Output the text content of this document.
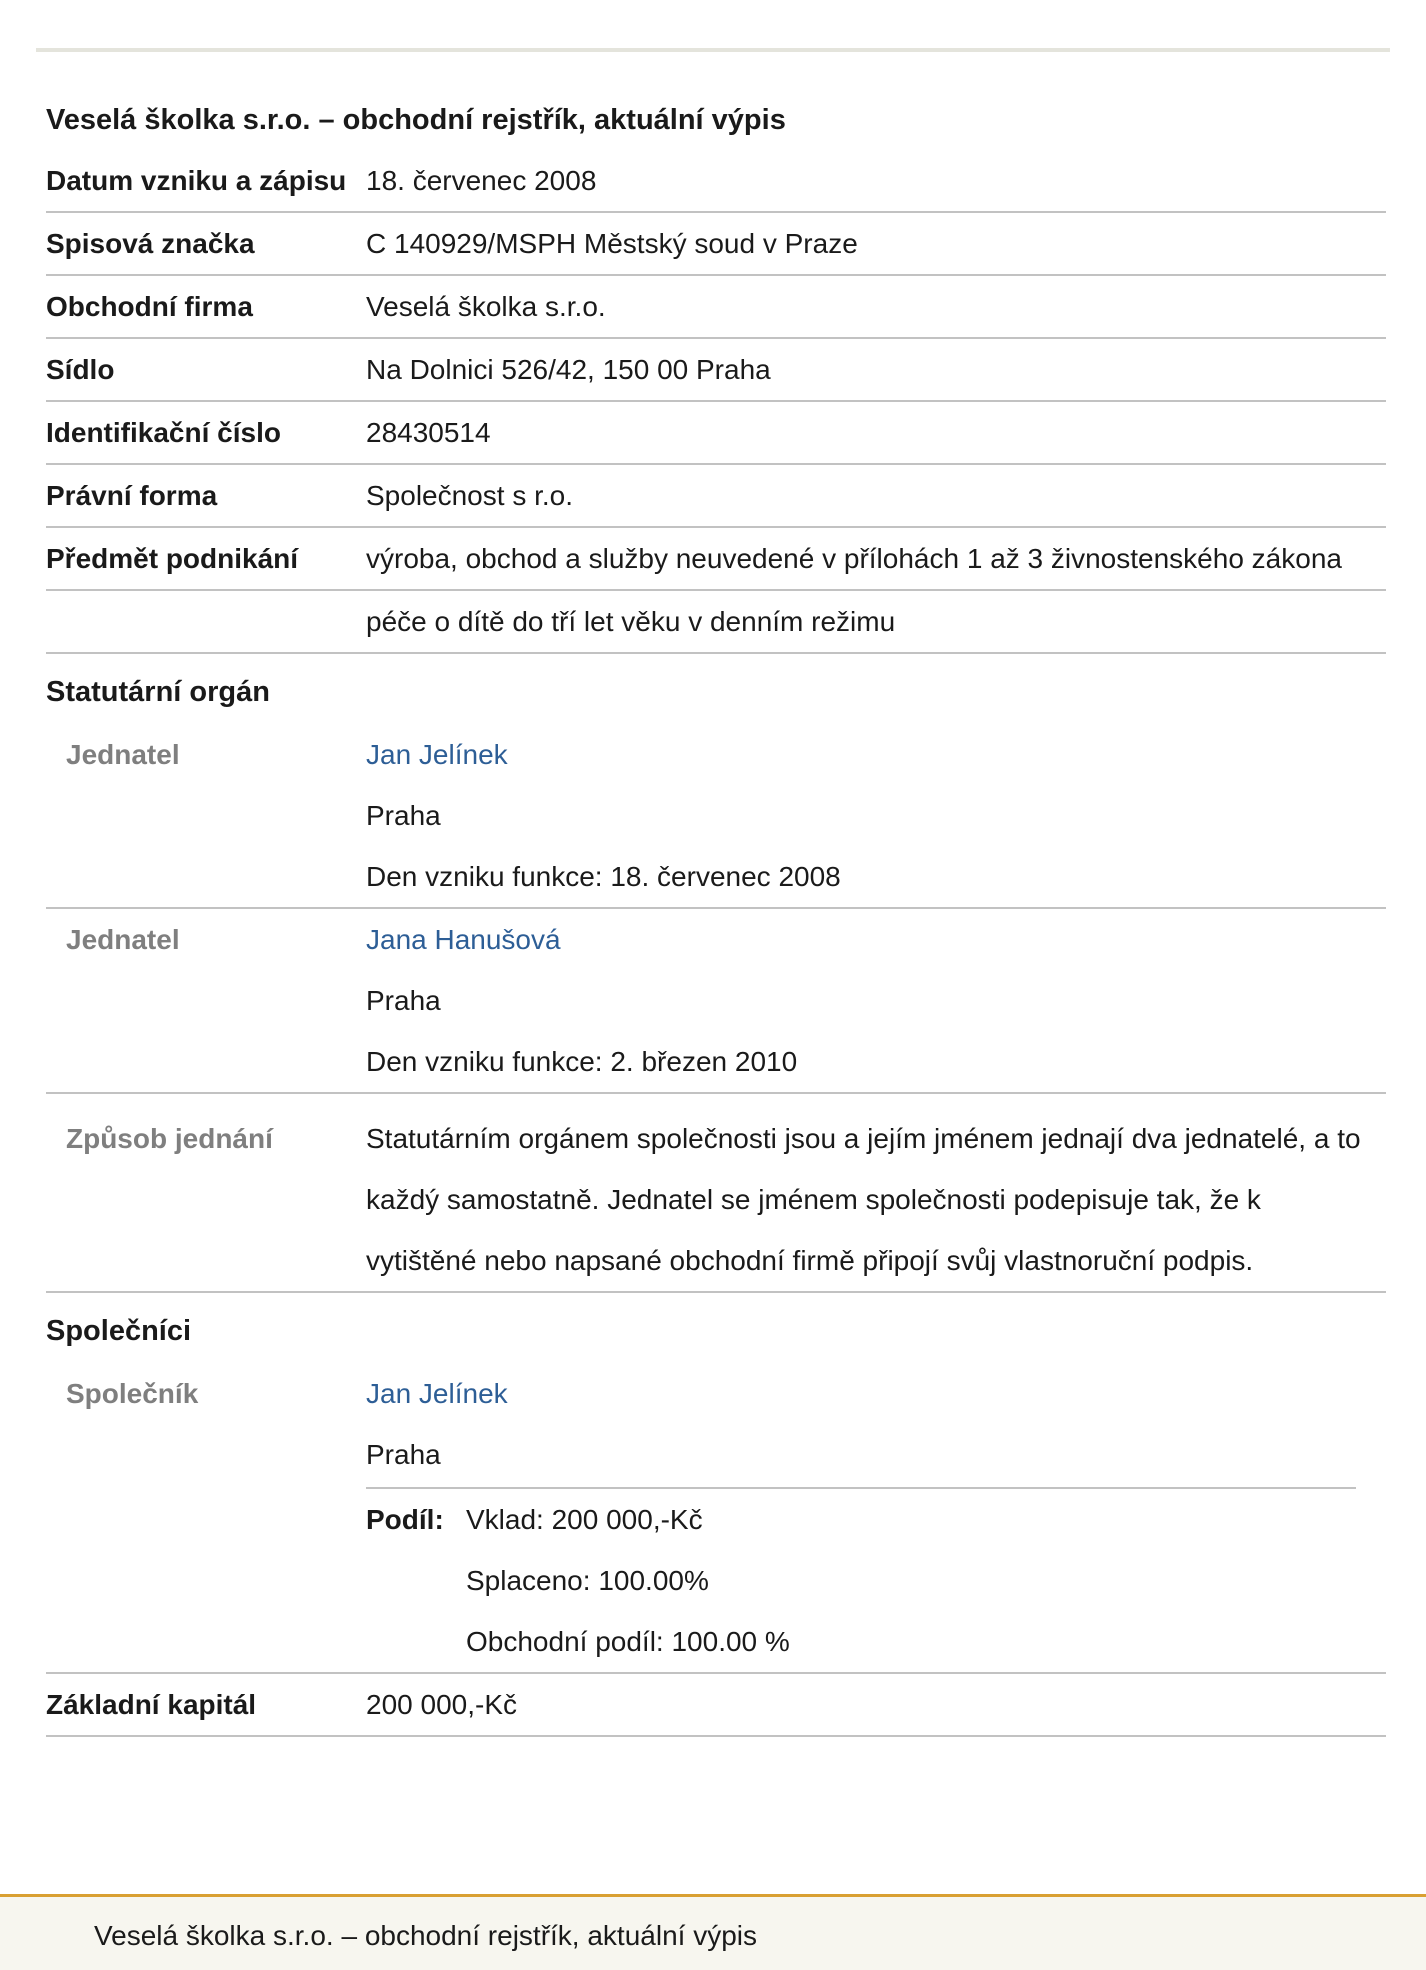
Veselá školka s.r.o. – obchodní rejstřík, aktuální výpis
Datum vzniku a zápisu 18. červenec 2008
Spisová značka	C 140929/MSPH Městský soud v Praze
Obchodní firma	Veselá školka s.r.o.
Sídlo	Na Dolnici 526/42, 150 00 Praha
Identifikační číslo	28430514
Právní forma	Společnost s r.o.
Předmět podnikání	výroba, obchod a služby neuvedené v přílohách 1 až 3 živnostenského zákona
péče o dítě do tří let věku v denním režimu
Statutární orgán
Jednatel	Jan Jelínek
Praha
Den vzniku funkce: 18. červenec 2008
Jednatel	Jana Hanušová
Praha
Den vzniku funkce: 2. březen 2010
Způsob jednání	Statutárním orgánem společnosti jsou a jejím jménem jednají dva jednatelé, a to každý samostatně. Jednatel se jménem společnosti podepisuje tak, že k vytištěné nebo napsané obchodní firmě připojí svůj vlastnoruční podpis.
Společníci
Společník	Jan Jelínek
Praha
Podíl: Vklad: 200 000,-Kč
Splaceno: 100.00%
Obchodní podíl: 100.00 %
Základní kapitál	200 000,-Kč
Veselá školka s.r.o. – obchodní rejstřík, aktuální výpis
